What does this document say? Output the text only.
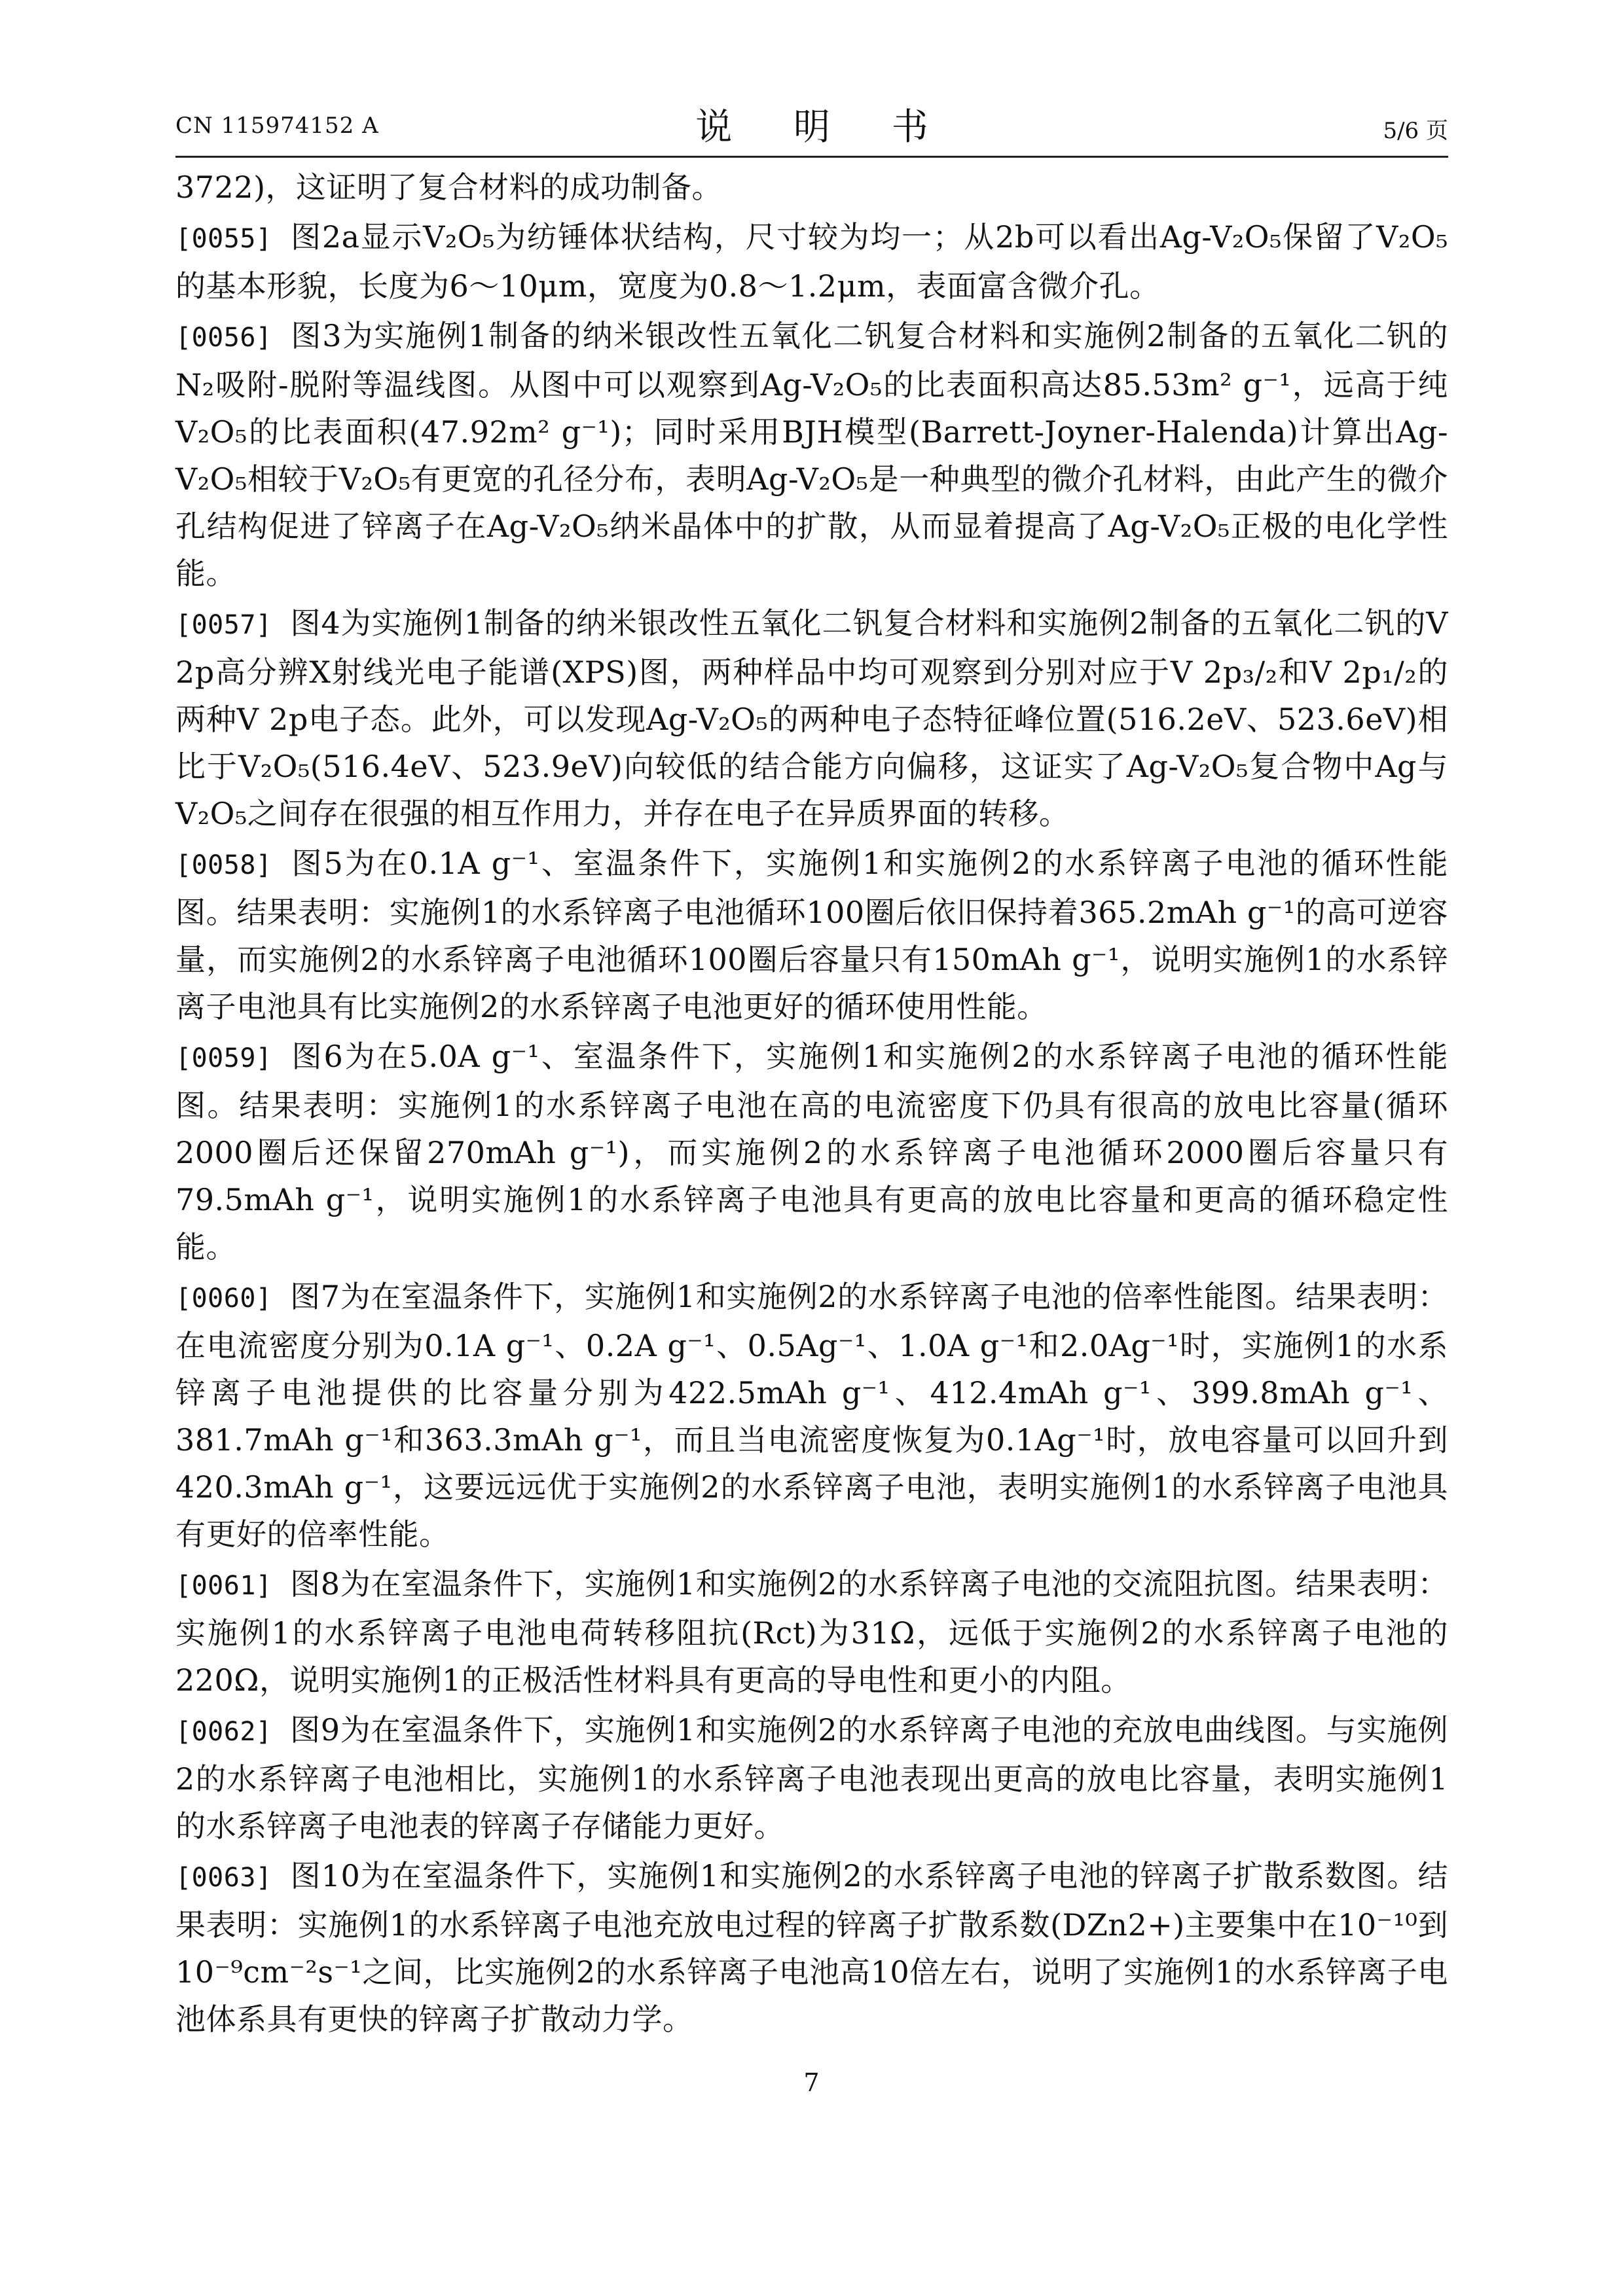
CN 115974152 A	说 明 书	5/6 页

3722)，这证明了复合材料的成功制备。

[0055] 图2a显示V₂O₅为纺锤体状结构，尺寸较为均一；从2b可以看出Ag-V₂O₅保留了V₂O₅的基本形貌，长度为6～10μm，宽度为0.8～1.2μm，表面富含微介孔。

[0056] 图3为实施例1制备的纳米银改性五氧化二钒复合材料和实施例2制备的五氧化二钒的N₂吸附-脱附等温线图。从图中可以观察到Ag-V₂O₅的比表面积高达85.53m² g⁻¹，远高于纯V₂O₅的比表面积(47.92m² g⁻¹)；同时采用BJH模型(Barrett-Joyner-Halenda)计算出Ag-V₂O₅相较于V₂O₅有更宽的孔径分布，表明Ag-V₂O₅是一种典型的微介孔材料，由此产生的微介孔结构促进了锌离子在Ag-V₂O₅纳米晶体中的扩散，从而显着提高了Ag-V₂O₅正极的电化学性能。

[0057] 图4为实施例1制备的纳米银改性五氧化二钒复合材料和实施例2制备的五氧化二钒的V 2p高分辨X射线光电子能谱(XPS)图，两种样品中均可观察到分别对应于V 2p₃/₂和V 2p₁/₂的两种V 2p电子态。此外，可以发现Ag-V₂O₅的两种电子态特征峰位置(516.2eV、523.6eV)相比于V₂O₅(516.4eV、523.9eV)向较低的结合能方向偏移，这证实了Ag-V₂O₅复合物中Ag与V₂O₅之间存在很强的相互作用力，并存在电子在异质界面的转移。

[0058] 图5为在0.1A g⁻¹、室温条件下，实施例1和实施例2的水系锌离子电池的循环性能图。结果表明：实施例1的水系锌离子电池循环100圈后依旧保持着365.2mAh g⁻¹的高可逆容量，而实施例2的水系锌离子电池循环100圈后容量只有150mAh g⁻¹，说明实施例1的水系锌离子电池具有比实施例2的水系锌离子电池更好的循环使用性能。

[0059] 图6为在5.0A g⁻¹、室温条件下，实施例1和实施例2的水系锌离子电池的循环性能图。结果表明：实施例1的水系锌离子电池在高的电流密度下仍具有很高的放电比容量(循环2000圈后还保留270mAh g⁻¹)，而实施例2的水系锌离子电池循环2000圈后容量只有79.5mAh g⁻¹，说明实施例1的水系锌离子电池具有更高的放电比容量和更高的循环稳定性能。

[0060] 图7为在室温条件下，实施例1和实施例2的水系锌离子电池的倍率性能图。结果表明：在电流密度分别为0.1A g⁻¹、0.2A g⁻¹、0.5Ag⁻¹、1.0A g⁻¹和2.0Ag⁻¹时，实施例1的水系锌离子电池提供的比容量分别为422.5mAh g⁻¹、412.4mAh g⁻¹、399.8mAh g⁻¹、381.7mAh g⁻¹和363.3mAh g⁻¹，而且当电流密度恢复为0.1Ag⁻¹时，放电容量可以回升到420.3mAh g⁻¹，这要远远优于实施例2的水系锌离子电池，表明实施例1的水系锌离子电池具有更好的倍率性能。

[0061] 图8为在室温条件下，实施例1和实施例2的水系锌离子电池的交流阻抗图。结果表明：实施例1的水系锌离子电池电荷转移阻抗(Rct)为31Ω，远低于实施例2的水系锌离子电池的220Ω，说明实施例1的正极活性材料具有更高的导电性和更小的内阻。

[0062] 图9为在室温条件下，实施例1和实施例2的水系锌离子电池的充放电曲线图。与实施例2的水系锌离子电池相比，实施例1的水系锌离子电池表现出更高的放电比容量，表明实施例1的水系锌离子电池表的锌离子存储能力更好。

[0063] 图10为在室温条件下，实施例1和实施例2的水系锌离子电池的锌离子扩散系数图。结果表明：实施例1的水系锌离子电池充放电过程的锌离子扩散系数(DZn2+)主要集中在10⁻¹⁰到10⁻⁹cm⁻²s⁻¹之间，比实施例2的水系锌离子电池高10倍左右，说明了实施例1的水系锌离子电池体系具有更快的锌离子扩散动力学。

7
